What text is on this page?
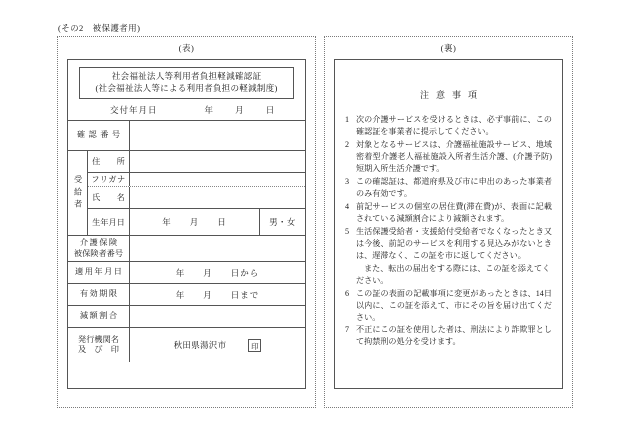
(その2　被保護者用)
(表)
社会福祉法人等利用者負担軽減確認証
(社会福祉法人等による利用者負担の軽減制度)
交付年月日	年 月 日
確認番号
受給者
住　　所
フリガナ
氏　　名
生年月日	年 月 日	男・女
介護保険
被保険者番号
適用年月日	年 月 日から
有効期限	年 月 日まで
減額割合
発行機関名
及　び　印	秋田県湯沢市	印
(裏)
注意事項
1 次の介護サービスを受けるときは、必ず事前に、この確認証を事業者に提示してください。
2 対象となるサービスは、介護福祉施設サービス、地域密着型介護老人福祉施設入所者生活介護、(介護予防)短期入所生活介護です。
3 この確認証は、都道府県及び市に申出のあった事業者のみ有効です。
4 前記サービスの個室の居住費(滞在費)が、表面に記載されている減額割合により減額されます。
5 生活保護受給者・支援給付受給者でなくなったとき又は今後、前記のサービスを利用する見込みがないときは、遅滞なく、この証を市に返してください。
また、転出の届出をする際には、この証を添えてください。
6 この証の表面の記載事項に変更があったときは、14日以内に、この証を添えて、市にその旨を届け出てください。
7 不正にこの証を使用した者は、刑法により詐欺罪として拘禁刑の処分を受けます。
